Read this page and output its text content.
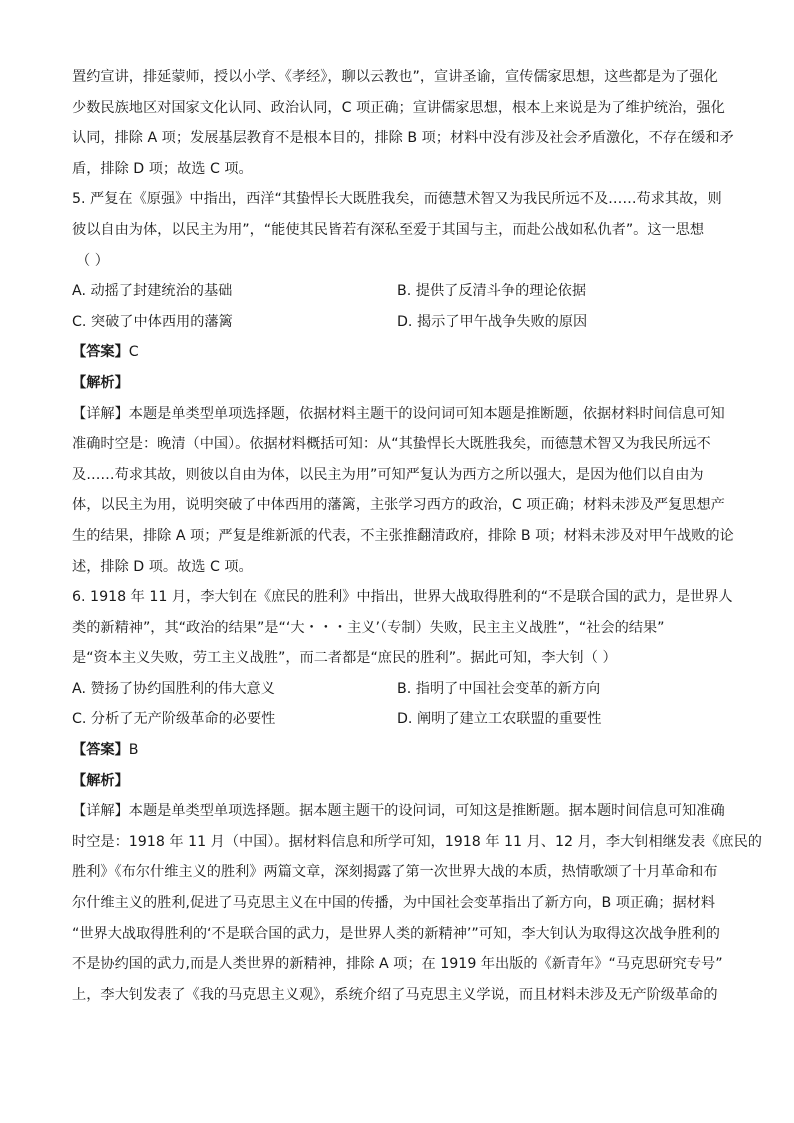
置约宣讲，排延蒙师，授以小学、《孝经》，聊以云教也”，宣讲圣谕，宣传儒家思想，这些都是为了强化

少数民族地区对国家文化认同、政治认同，C 项正确；宣讲儒家思想，根本上来说是为了维护统治，强化

认同，排除 A 项；发展基层教育不是根本目的，排除 B 项；材料中没有涉及社会矛盾激化，不存在缓和矛

盾，排除 D 项；故选 C 项。

5. 严复在《原强》中指出，西洋“其蛰悍长大既胜我矣，而德慧术智又为我民所远不及……苟求其故，则

彼以自由为体，以民主为用”，“能使其民皆若有深私至爱于其国与主，而赴公战如私仇者”。这一思想

（ ）

A. 动摇了封建统治的基础	B. 提供了反清斗争的理论依据
C. 突破了中体西用的藩篱	D. 揭示了甲午战争失败的原因

【答案】C

【解析】

【详解】本题是单类型单项选择题，依据材料主题干的设问词可知本题是推断题，依据材料时间信息可知

准确时空是：晚清（中国）。依据材料概括可知：从“其蛰悍长大既胜我矣，而德慧术智又为我民所远不

及……苟求其故，则彼以自由为体，以民主为用”可知严复认为西方之所以强大，是因为他们以自由为

体，以民主为用，说明突破了中体西用的藩篱，主张学习西方的政治，C 项正确；材料未涉及严复思想产

生的结果，排除 A 项；严复是维新派的代表，不主张推翻清政府，排除 B 项；材料未涉及对甲午战败的论

述，排除 D 项。故选 C 项。

6. 1918 年 11 月，李大钊在《庶民的胜利》中指出，世界大战取得胜利的“不是联合国的武力，是世界人

类的新精神”，其“政治的结果”是“‘大・・・主义’（专制）失败，民主主义战胜”，“社会的结果”

是“资本主义失败，劳工主义战胜”，而二者都是“庶民的胜利”。据此可知，李大钊（ ）

A. 赞扬了协约国胜利的伟大意义	B. 指明了中国社会变革的新方向
C. 分析了无产阶级革命的必要性	D. 阐明了建立工农联盟的重要性

【答案】B

【解析】

【详解】本题是单类型单项选择题。据本题主题干的设问词，可知这是推断题。据本题时间信息可知准确

时空是：1918 年 11 月（中国）。据材料信息和所学可知，1918 年 11 月、12 月，李大钊相继发表《庶民的

胜利》《布尔什维主义的胜利》两篇文章，深刻揭露了第一次世界大战的本质，热情歌颂了十月革命和布

尔什维主义的胜利,促进了马克思主义在中国的传播，为中国社会变革指出了新方向，B 项正确；据材料

“世界大战取得胜利的‘不是联合国的武力，是世界人类的新精神’”可知，李大钊认为取得这次战争胜利的

不是协约国的武力,而是人类世界的新精神，排除 A 项；在 1919 年出版的《新青年》“马克思研究专号”

上，李大钊发表了《我的马克思主义观》，系统介绍了马克思主义学说，而且材料未涉及无产阶级革命的
